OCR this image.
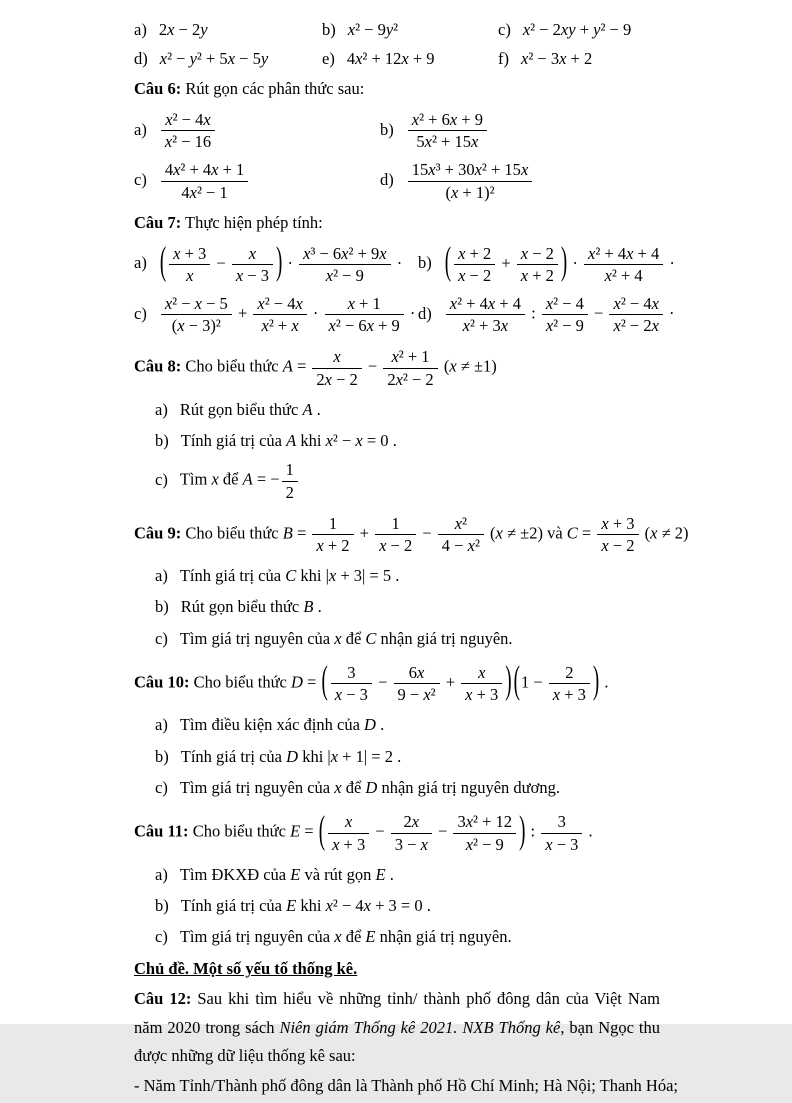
a) 2x − 2y	b) x² − 9y²	c) x² − 2xy + y² − 9
d) x² − y² + 5x − 5y	e) 4x² + 12x + 9	f) x² − 3x + 2
Câu 6: Rút gọn các phân thức sau:
$a) \frac{\text{x² − 4x}}{\text{x² − 16}}$	$b) \frac{\text{x² + 6x + 9}}{\text{5x² + 15x}}$
$c) \frac{\text{4x² + 4x + 1}}{\text{4x² − 1}}$	$d) \frac{\text{15x³ + 30x² + 15x}}{\text{(x + 1)²}}$
Câu 7: Thực hiện phép tính:
a) ( $\frac{x + 3}{x} - \frac{x}{x - 3}$ ) · $\frac{\text{x³ − 6x² + 9x}}{\text{x² − 9}} \cdot b$) ( $\frac{x + 2}{x - 2} + \frac{x - 2}{x + 2}$ ) · $\frac{\text{x² + 4x + 4}}{\text{x² + 4}}$ ·
$c) \frac{\text{x² − x − 5}}{\text{(x − 3)²}} + \frac{\text{x² − 4x}}{\text{x² + x}} \cdot \frac{x + 1}{\text{x² − 6x + 9}} \cdot d) \frac{\text{x² + 4x + 4}}{\text{x² + 3x}}$ : $\frac{\text{x² − 4}}{\text{x² − 9}} - \frac{\text{x² − 4x}}{\text{x² − 2x}}$ ·
Câu 8: Cho biểu thức $A = \frac{x}{2x - 2} - \frac{\text{x² + 1}}{\text{2x² − 2}} (x \ne \pm 1)$
a) Rút gọn biểu thức A .
b) Tính giá trị của A khi x² − x = 0 .
c) Tìm x để A = − $\frac{1}{2}$
Câu 9: Cho biểu thức $B = \frac{1}{x + 2} + \frac{1}{x - 2} - \frac{\text{x²}}{\text{4 − x²}} (x \ne \pm 2)$ và $C = \frac{x + 3}{x - 2} (x \ne 2)$
a) Tính giá trị của C khi |x + 3| = 5 .
b) Rút gọn biểu thức B .
c) Tìm giá trị nguyên của x để C nhận giá trị nguyên.
Câu 10: Cho biểu thức D = ( $\frac{3}{x - 3} - \frac{6x}{\text{9 − x²}} + \frac{x}{x + 3}$ ) ($1 - \frac{2}{x + 3}$ ) .
a) Tìm điều kiện xác định của D .
b) Tính giá trị của D khi |x + 1| = 2 .
c) Tìm giá trị nguyên của x để D nhận giá trị nguyên dương.
Câu 11: Cho biểu thức E = ( $\frac{x}{x + 3} - \frac{2x}{3 - x} - \frac{\text{3x² + 12}}{\text{x² − 9}}$ ) : $\frac{3}{x - 3}$ .
a) Tìm ĐKXĐ của E và rút gọn E .
b) Tính giá trị của E khi x² − 4x + 3 = 0 .
c) Tìm giá trị nguyên của x để E nhận giá trị nguyên.
Chủ đề. Một số yếu tố thống kê.
Câu 12: Sau khi tìm hiểu về những tỉnh/ thành phố đông dân của Việt Nam năm 2020 trong sách Niên giám Thống kê 2021. NXB Thống kê, bạn Ngọc thu được những dữ liệu thống kê sau:
- Năm Tỉnh/Thành phố đông dân là Thành phố Hồ Chí Minh; Hà Nội; Thanh Hóa;
